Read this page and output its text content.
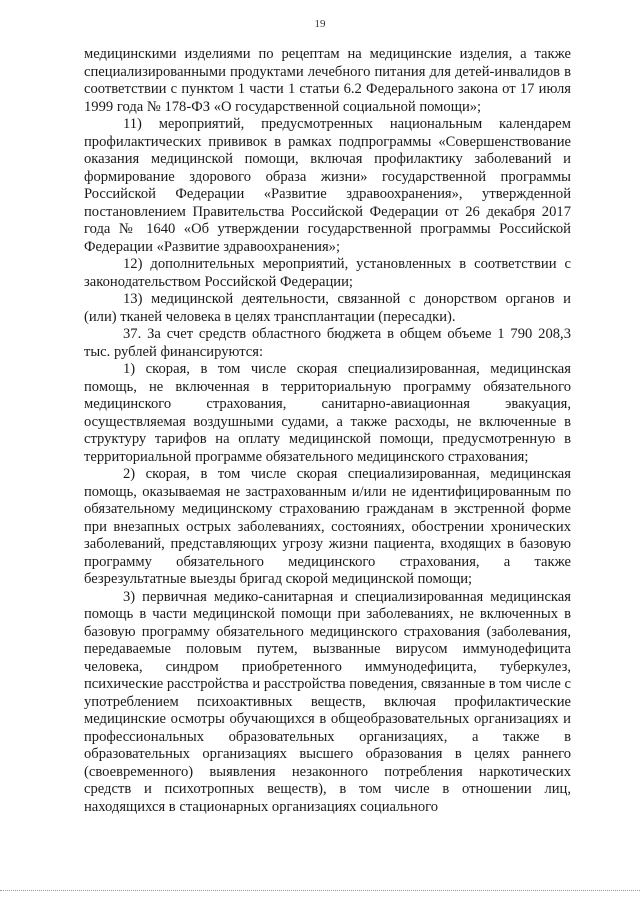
19

медицинскими изделиями по рецептам на медицинские изделия, а также специализированными продуктами лечебного питания для детей-инвалидов в соответствии с пунктом 1 части 1 статьи 6.2 Федерального закона от 17 июля 1999 года № 178-ФЗ «О государственной социальной помощи»;

11) мероприятий, предусмотренных национальным календарем профилактических прививок в рамках подпрограммы «Совершенствование оказания медицинской помощи, включая профилактику заболеваний и формирование здорового образа жизни» государственной программы Российской Федерации «Развитие здравоохранения», утвержденной постановлением Правительства Российской Федерации от 26 декабря 2017 года № 1640 «Об утверждении государственной программы Российской Федерации «Развитие здравоохранения»;

12) дополнительных мероприятий, установленных в соответствии с законодательством Российской Федерации;

13) медицинской деятельности, связанной с донорством органов и (или) тканей человека в целях трансплантации (пересадки).

37. За счет средств областного бюджета в общем объеме 1 790 208,3 тыс. рублей финансируются:

1) скорая, в том числе скорая специализированная, медицинская помощь, не включенная в территориальную программу обязательного медицинского страхования, санитарно-авиационная эвакуация, осуществляемая воздушными судами, а также расходы, не включенные в структуру тарифов на оплату медицинской помощи, предусмотренную в территориальной программе обязательного медицинского страхования;

2) скорая, в том числе скорая специализированная, медицинская помощь, оказываемая не застрахованным и/или не идентифицированным по обязательному медицинскому страхованию гражданам в экстренной форме при внезапных острых заболеваниях, состояниях, обострении хронических заболеваний, представляющих угрозу жизни пациента, входящих в базовую программу обязательного медицинского страхования, а также безрезультатные выезды бригад скорой медицинской помощи;

3) первичная медико-санитарная и специализированная медицинская помощь в части медицинской помощи при заболеваниях, не включенных в базовую программу обязательного медицинского страхования (заболевания, передаваемые половым путем, вызванные вирусом иммунодефицита человека, синдром приобретенного иммунодефицита, туберкулез, психические расстройства и расстройства поведения, связанные в том числе с употреблением психоактивных веществ, включая профилактические медицинские осмотры обучающихся в общеобразовательных организациях и профессиональных образовательных организациях, а также в образовательных организациях высшего образования в целях раннего (своевременного) выявления незаконного потребления наркотических средств и психотропных веществ), в том числе в отношении лиц, находящихся в стационарных организациях социального
